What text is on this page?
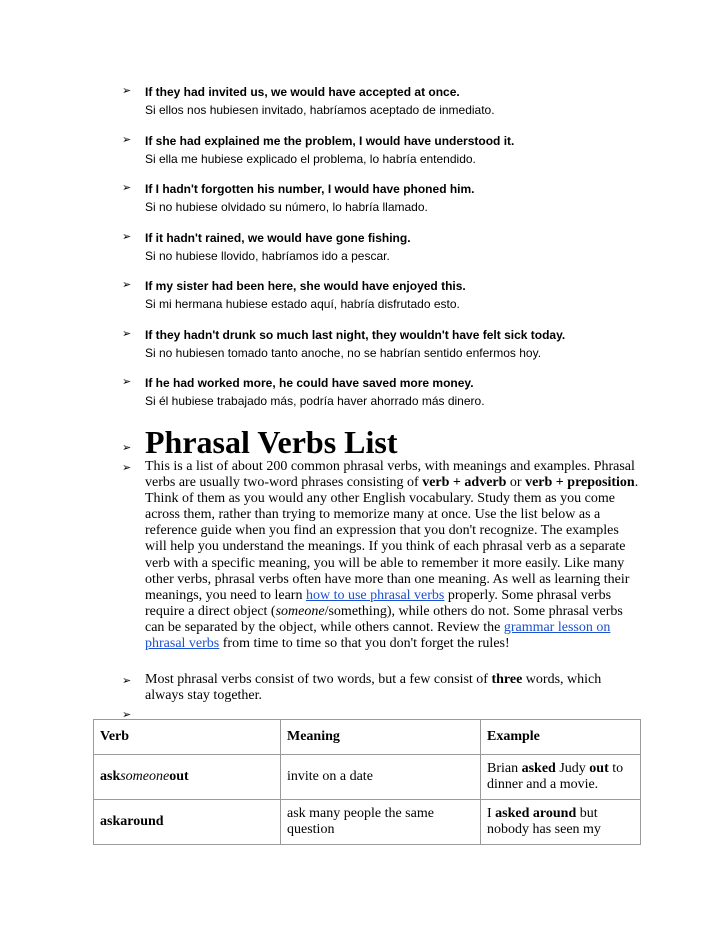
➢	If they had invited us, we would have accepted at once.
Si ellos nos hubiesen invitado, habríamos aceptado de inmediato.
➢	If she had explained me the problem, I would have understood it.
Si ella me hubiese explicado el problema, lo habría entendido.
➢	If I hadn't forgotten his number, I would have phoned him.
Si no hubiese olvidado su número, lo habría llamado.
➢	If it hadn't rained, we would have gone fishing.
Si no hubiese llovido, habríamos ido a pescar.
➢	If my sister had been here, she would have enjoyed this.
Si mi hermana hubiese estado aquí, habría disfrutado esto.
➢	If they hadn't drunk so much last night, they wouldn't have felt sick today.
Si no hubiesen tomado tanto anoche, no se habrían sentido enfermos hoy.
➢	If he had worked more, he could have saved more money.
Si él hubiese trabajado más, podría haver ahorrado más dinero.
➢ Phrasal Verbs List
➢ This is a list of about 200 common phrasal verbs, with meanings and examples. Phrasal verbs are usually two-word phrases consisting of verb + adverb or verb + preposition. Think of them as you would any other English vocabulary. Study them as you come across them, rather than trying to memorize many at once. Use the list below as a reference guide when you find an expression that you don't recognize. The examples will help you understand the meanings. If you think of each phrasal verb as a separate verb with a specific meaning, you will be able to remember it more easily. Like many other verbs, phrasal verbs often have more than one meaning. As well as learning their meanings, you need to learn how to use phrasal verbs properly. Some phrasal verbs require a direct object (someone/something), while others do not. Some phrasal verbs can be separated by the object, while others cannot. Review the grammar lesson on phrasal verbs from time to time so that you don't forget the rules!
➢ Most phrasal verbs consist of two words, but a few consist of three words, which always stay together.
➢
Verb	Meaning	Example
asksomeoneout	invite on a date	Brian asked Judy out to dinner and a movie.
askaround	ask many people the same question	I asked around but nobody has seen my
